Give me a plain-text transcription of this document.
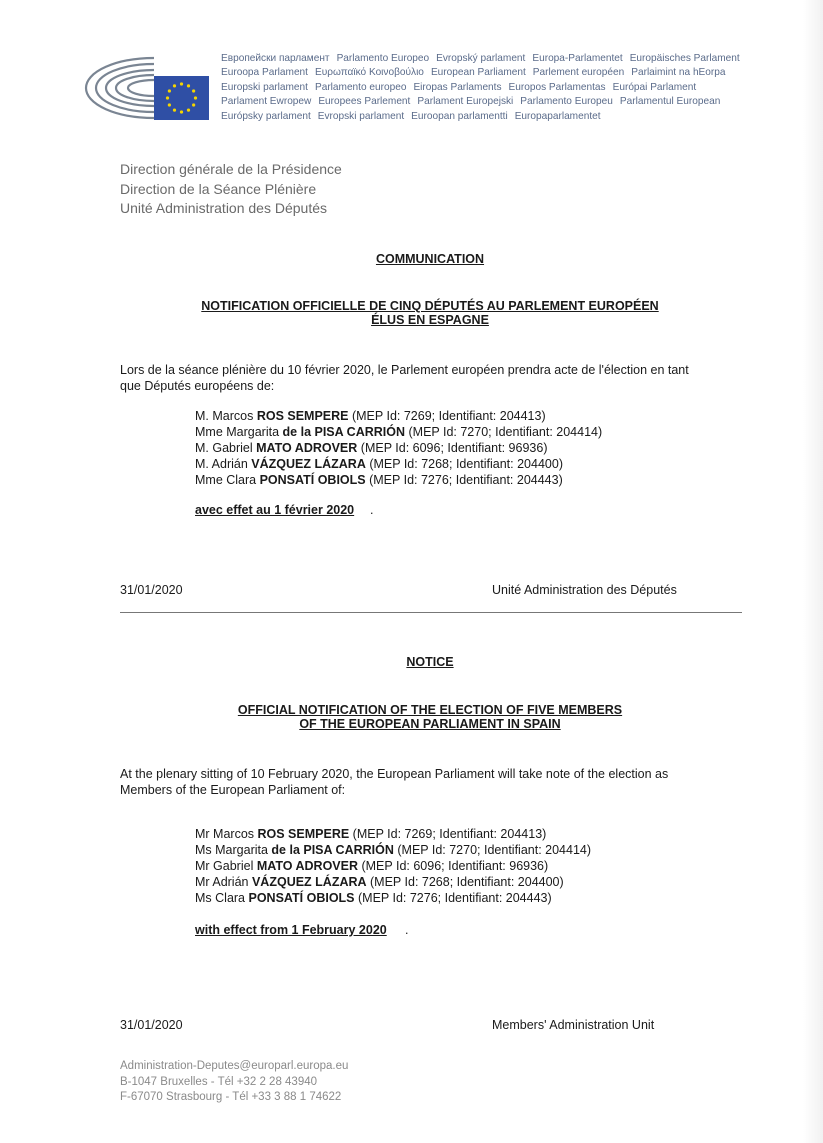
Европейски парламент Parlamento Europeo Evropský parlament Europa-Parlamentet Europäisches Parlament
Euroopa Parlament Ευρωπαϊκό Κοινοβούλιο European Parliament Parlement européen Parlaimint na hEorpa
Europski parlament Parlamento europeo Eiropas Parlaments Europos Parlamentas Európai Parlament
Parlament Ewropew Europees Parlement Parlament Europejski Parlamento Europeu Parlamentul European
Európsky parlament Evropski parlament Euroopan parlamentti Europaparlamentet
Direction générale de la Présidence
Direction de la Séance Plénière
Unité Administration des Députés
COMMUNICATION
NOTIFICATION OFFICIELLE DE CINQ DÉPUTÉS AU PARLEMENT EUROPÉEN
ÉLUS EN ESPAGNE
Lors de la séance plénière du 10 février 2020, le Parlement européen prendra acte de l'élection en tant
que Députés européens de:
M. Marcos ROS SEMPERE (MEP Id: 7269; Identifiant: 204413)
Mme Margarita de la PISA CARRIÓN (MEP Id: 7270; Identifiant: 204414)
M. Gabriel MATO ADROVER (MEP Id: 6096; Identifiant: 96936)
M. Adrián VÁZQUEZ LÁZARA (MEP Id: 7268; Identifiant: 204400)
Mme Clara PONSATÍ OBIOLS (MEP Id: 7276; Identifiant: 204443)
avec effet au 1 février 2020 .
31/01/2020	Unité Administration des Députés
NOTICE
OFFICIAL NOTIFICATION OF THE ELECTION OF FIVE MEMBERS
OF THE EUROPEAN PARLIAMENT IN SPAIN
At the plenary sitting of 10 February 2020, the European Parliament will take note of the election as
Members of the European Parliament of:
Mr Marcos ROS SEMPERE (MEP Id: 7269; Identifiant: 204413)
Ms Margarita de la PISA CARRIÓN (MEP Id: 7270; Identifiant: 204414)
Mr Gabriel MATO ADROVER (MEP Id: 6096; Identifiant: 96936)
Mr Adrián VÁZQUEZ LÁZARA (MEP Id: 7268; Identifiant: 204400)
Ms Clara PONSATÍ OBIOLS (MEP Id: 7276; Identifiant: 204443)
with effect from 1 February 2020 .
31/01/2020	Members' Administration Unit
Administration-Deputes@europarl.europa.eu
B-1047 Bruxelles - Tél +32 2 28 43940
F-67070 Strasbourg - Tél +33 3 88 1 74622
